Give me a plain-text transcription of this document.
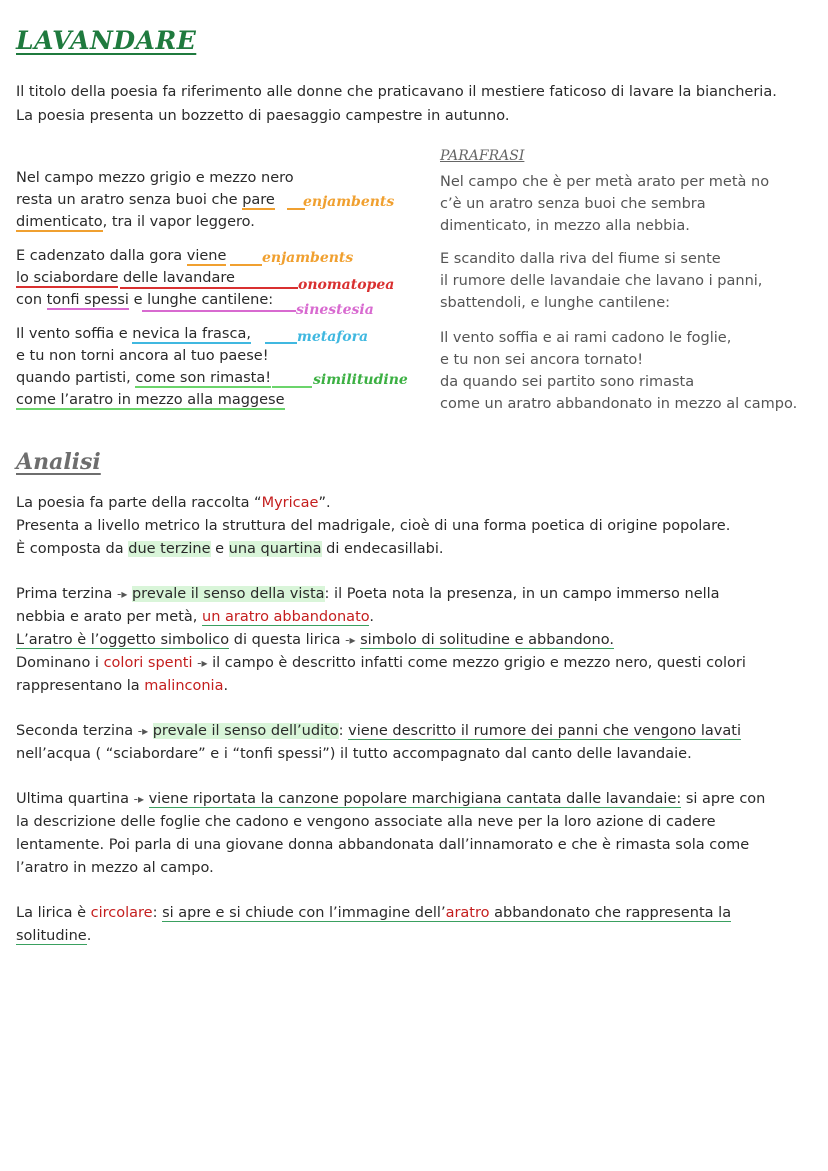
LAVANDARE

Il titolo della poesia fa riferimento alle donne che praticavano il mestiere faticoso di lavare la biancheria.

La poesia presenta un bozzetto di paesaggio campestre in autunno.

PARAFRASI
Nel campo mezzo grigio e mezzo nero
resta un aratro senza buoi che pare
dimenticato, tra il vapor leggero.
enjambents
E cadenzato dalla gora viene
lo sciabordare delle lavandare
con tonfi spessi e lunghe cantilene:
enjambents
onomatopea
sinestesia
Il vento soffia e nevica la frasca,
e tu non torni ancora al tuo paese!
quando partisti, come son rimasta!
come l’aratro in mezzo alla maggese
metafora
similitudine
Nel campo che è per metà arato per metà no
c’è un aratro senza buoi che sembra
dimenticato, in mezzo alla nebbia.
E scandito dalla riva del fiume si sente
il rumore delle lavandaie che lavano i panni,
sbattendoli, e lunghe cantilene:
Il vento soffia e ai rami cadono le foglie,
e tu non sei ancora tornato!
da quando sei partito sono rimasta
come un aratro abbandonato in mezzo al campo.
Analisi

La poesia fa parte della raccolta “Myricae”.
Presenta a livello metrico la struttura del madrigale, cioè di una forma poetica di origine popolare.
È composta da due terzine e una quartina di endecasillabi.

Prima terzina -▸ prevale il senso della vista: il Poeta nota la presenza, in un campo immerso nella
nebbia e arato per metà, un aratro abbandonato.
L’aratro è l’oggetto simbolico di questa lirica -▸ simbolo di solitudine e abbandono.
Dominano i colori spenti -▸ il campo è descritto infatti come mezzo grigio e mezzo nero, questi colori
rappresentano la malinconia.

Seconda terzina -▸ prevale il senso dell’udito: viene descritto il rumore dei panni che vengono lavati
nell’acqua ( “sciabordare” e i “tonfi spessi”) il tutto accompagnato dal canto delle lavandaie.

Ultima quartina -▸ viene riportata la canzone popolare marchigiana cantata dalle lavandaie: si apre con
la descrizione delle foglie che cadono e vengono associate alla neve per la loro azione di cadere
lentamente. Poi parla di una giovane donna abbandonata dall’innamorato e che è rimasta sola come
l’aratro in mezzo al campo.

La lirica è circolare: si apre e si chiude con l’immagine dell’aratro abbandonato che rappresenta la
solitudine.
